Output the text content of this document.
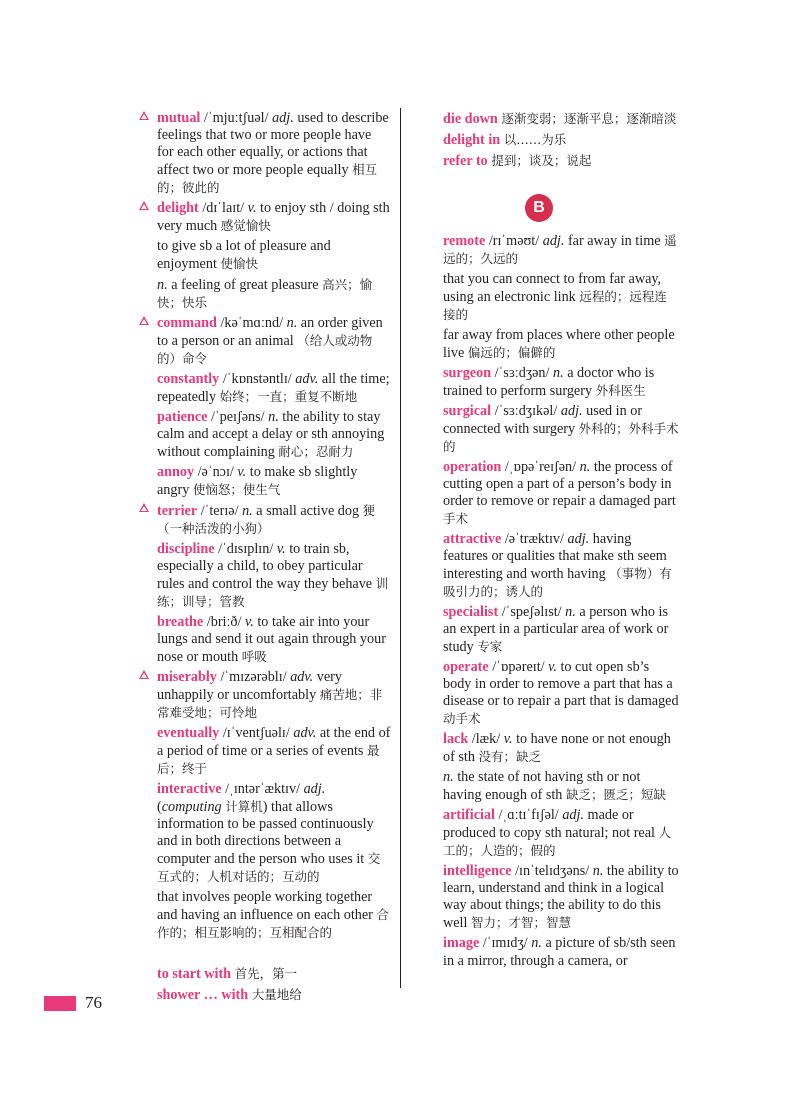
mutual /ˈmjuːtʃuəl/ adj. used to describe feelings that two or more people have for each other equally, or actions that affect two or more people equally 相互的；彼此的

delight /dɪˈlaɪt/ v. to enjoy sth / doing sth very much 感觉愉快

to give sb a lot of pleasure and enjoyment 使愉快

n. a feeling of great pleasure 高兴；愉快；快乐

command /kəˈmɑːnd/ n. an order given to a person or an animal （给人或动物的）命令

constantly /ˈkɒnstəntlɪ/ adv. all the time; repeatedly 始终；一直；重复不断地

patience /ˈpeɪʃəns/ n. the ability to stay calm and accept a delay or sth annoying without complaining 耐心；忍耐力

annoy /əˈnɔɪ/ v. to make sb slightly angry 使恼怒；使生气

terrier /ˈterɪə/ n. a small active dog 㹴（一种活泼的小狗）

discipline /ˈdɪsɪplɪn/ v. to train sb, especially a child, to obey particular rules and control the way they behave 训练；训导；管教

breathe /briːð/ v. to take air into your lungs and send it out again through your nose or mouth 呼吸

miserably /ˈmɪzərəblɪ/ adv. very unhappily or uncomfortably 痛苦地；非常难受地；可怜地

eventually /ɪˈventʃuəlɪ/ adv. at the end of a period of time or a series of events 最后；终于

interactive /ˌɪntərˈæktɪv/ adj. (computing 计算机) that allows information to be passed continuously and in both directions between a computer and the person who uses it 交互式的；人机对话的；互动的

that involves people working together and having an influence on each other 合作的；相互影响的；互相配合的

to start with 首先，第一

shower … with 大量地给

die down 逐渐变弱；逐渐平息；逐渐暗淡

delight in 以……为乐

refer to 提到；谈及；说起

B

remote /rɪˈməʊt/ adj. far away in time 遥远的；久远的

that you can connect to from far away, using an electronic link 远程的；远程连接的

far away from places where other people live 偏远的；偏僻的

surgeon /ˈsɜːdʒən/ n. a doctor who is trained to perform surgery 外科医生

surgical /ˈsɜːdʒɪkəl/ adj. used in or connected with surgery 外科的；外科手术的

operation /ˌɒpəˈreɪʃən/ n. the process of cutting open a part of a person’s body in order to remove or repair a damaged part 手术

attractive /əˈtræktɪv/ adj. having features or qualities that make sth seem interesting and worth having （事物）有吸引力的；诱人的

specialist /ˈspeʃəlɪst/ n. a person who is an expert in a particular area of work or study 专家

operate /ˈɒpəreɪt/ v. to cut open sb’s body in order to remove a part that has a disease or to repair a part that is damaged 动手术

lack /læk/ v. to have none or not enough of sth 没有；缺乏

n. the state of not having sth or not having enough of sth 缺乏；匮乏；短缺

artificial /ˌɑːtɪˈfɪʃəl/ adj. made or produced to copy sth natural; not real 人工的；人造的；假的

intelligence /ɪnˈtelɪdʒəns/ n. the ability to learn, understand and think in a logical way about things; the ability to do this well 智力；才智；智慧

image /ˈɪmɪdʒ/ n. a picture of sb/sth seen in a mirror, through a camera, or

76
